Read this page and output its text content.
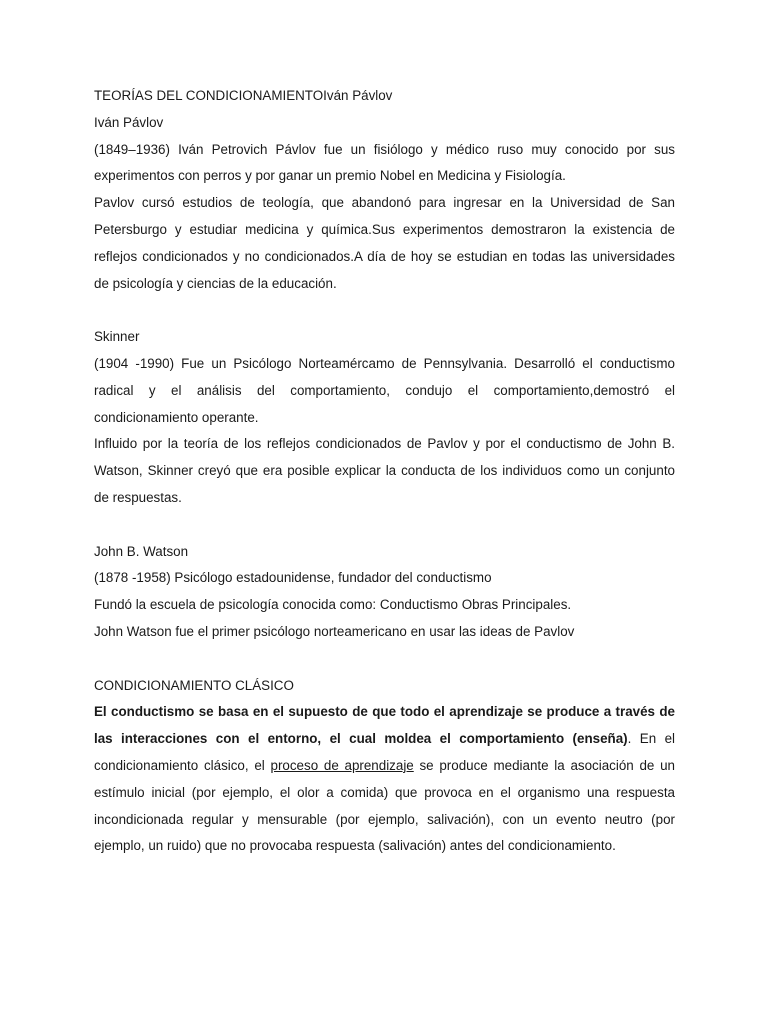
TEORÍAS DEL CONDICIONAMIENTOIván Pávlov

Iván Pávlov

(1849–1936) Iván Petrovich Pávlov fue un fisiólogo y médico ruso muy conocido por sus experimentos con perros y por ganar un premio Nobel en Medicina y Fisiología.

Pavlov cursó estudios de teología, que abandonó para ingresar en la Universidad de San Petersburgo y estudiar medicina y química.Sus experimentos demostraron la existencia de reflejos condicionados y no condicionados.A día de hoy se estudian en todas las universidades de psicología y ciencias de la educación.

Skinner

(1904 -1990) Fue un Psicólogo Norteamércamo de Pennsylvania. Desarrolló el conductismo radical y el análisis del comportamiento, condujo el comportamiento,demostró el condicionamiento operante.

Influido por la teoría de los reflejos condicionados de Pavlov y por el conductismo de John B. Watson, Skinner creyó que era posible explicar la conducta de los individuos como un conjunto de respuestas.

John B. Watson

(1878 -1958) Psicólogo estadounidense, fundador del conductismo

Fundó la escuela de psicología conocida como: Conductismo Obras Principales.

John Watson fue el primer psicólogo norteamericano en usar las ideas de Pavlov

CONDICIONAMIENTO CLÁSICO

El conductismo se basa en el supuesto de que todo el aprendizaje se produce a través de las interacciones con el entorno, el cual moldea el comportamiento (enseña). En el condicionamiento clásico, el proceso de aprendizaje se produce mediante la asociación de un estímulo inicial (por ejemplo, el olor a comida) que provoca en el organismo una respuesta incondicionada regular y mensurable (por ejemplo, salivación), con un evento neutro (por ejemplo, un ruido) que no provocaba respuesta (salivación) antes del condicionamiento.
